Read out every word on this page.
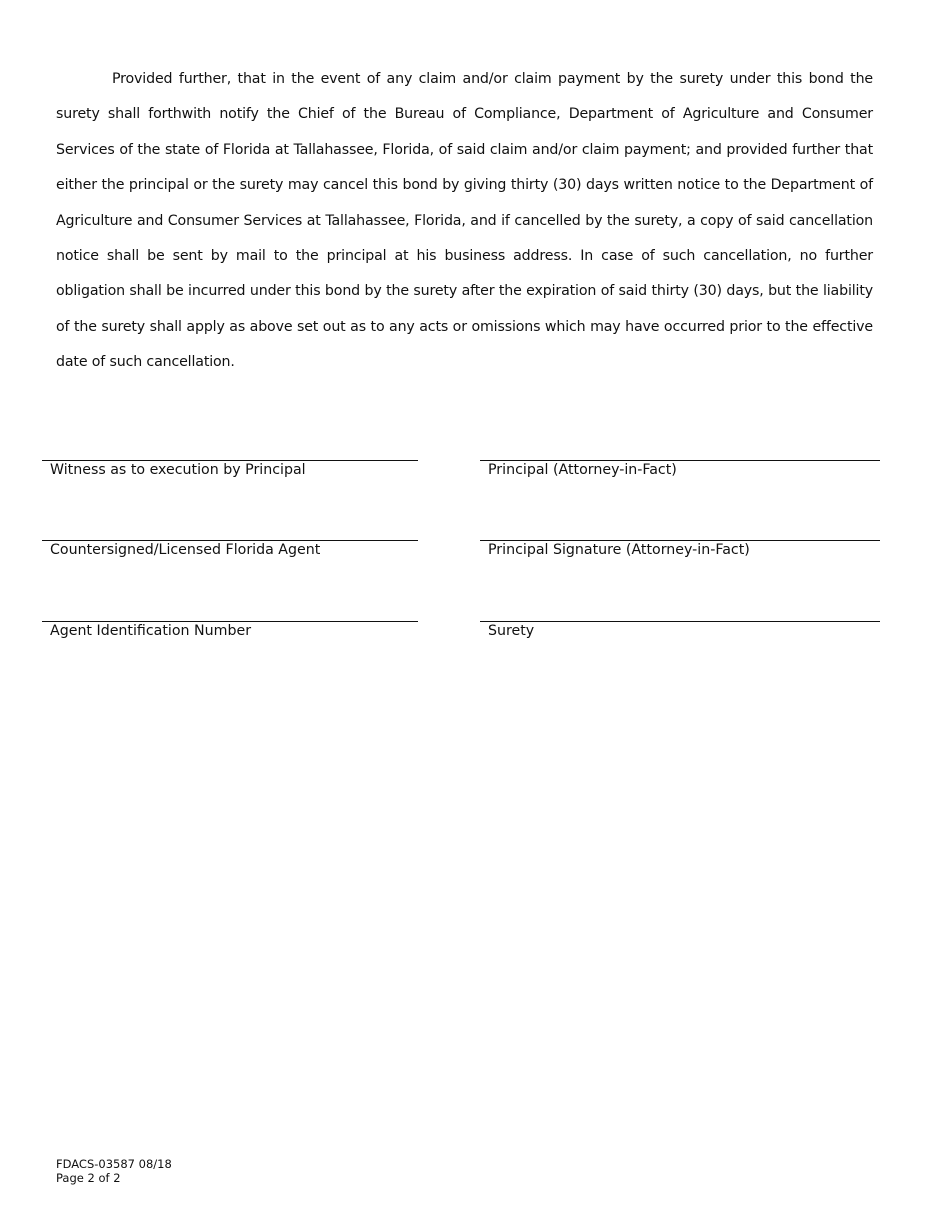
Provided further, that in the event of any claim and/or claim payment by the surety under this bond the surety shall forthwith notify the Chief of the Bureau of Compliance, Department of Agriculture and Consumer Services of the state of Florida at Tallahassee, Florida, of said claim and/or claim payment; and provided further that either the principal or the surety may cancel this bond by giving thirty (30) days written notice to the Department of Agriculture and Consumer Services at Tallahassee, Florida, and if cancelled by the surety, a copy of said cancellation notice shall be sent by mail to the principal at his business address. In case of such cancellation, no further obligation shall be incurred under this bond by the surety after the expiration of said thirty (30) days, but the liability of the surety shall apply as above set out as to any acts or omissions which may have occurred prior to the effective date of such cancellation.

Witness as to execution by Principal
Countersigned/Licensed Florida Agent
Agent Identification Number
Principal (Attorney-in-Fact)
Principal Signature (Attorney-in-Fact)
Surety
FDACS-03587 08/18
Page 2 of 2
